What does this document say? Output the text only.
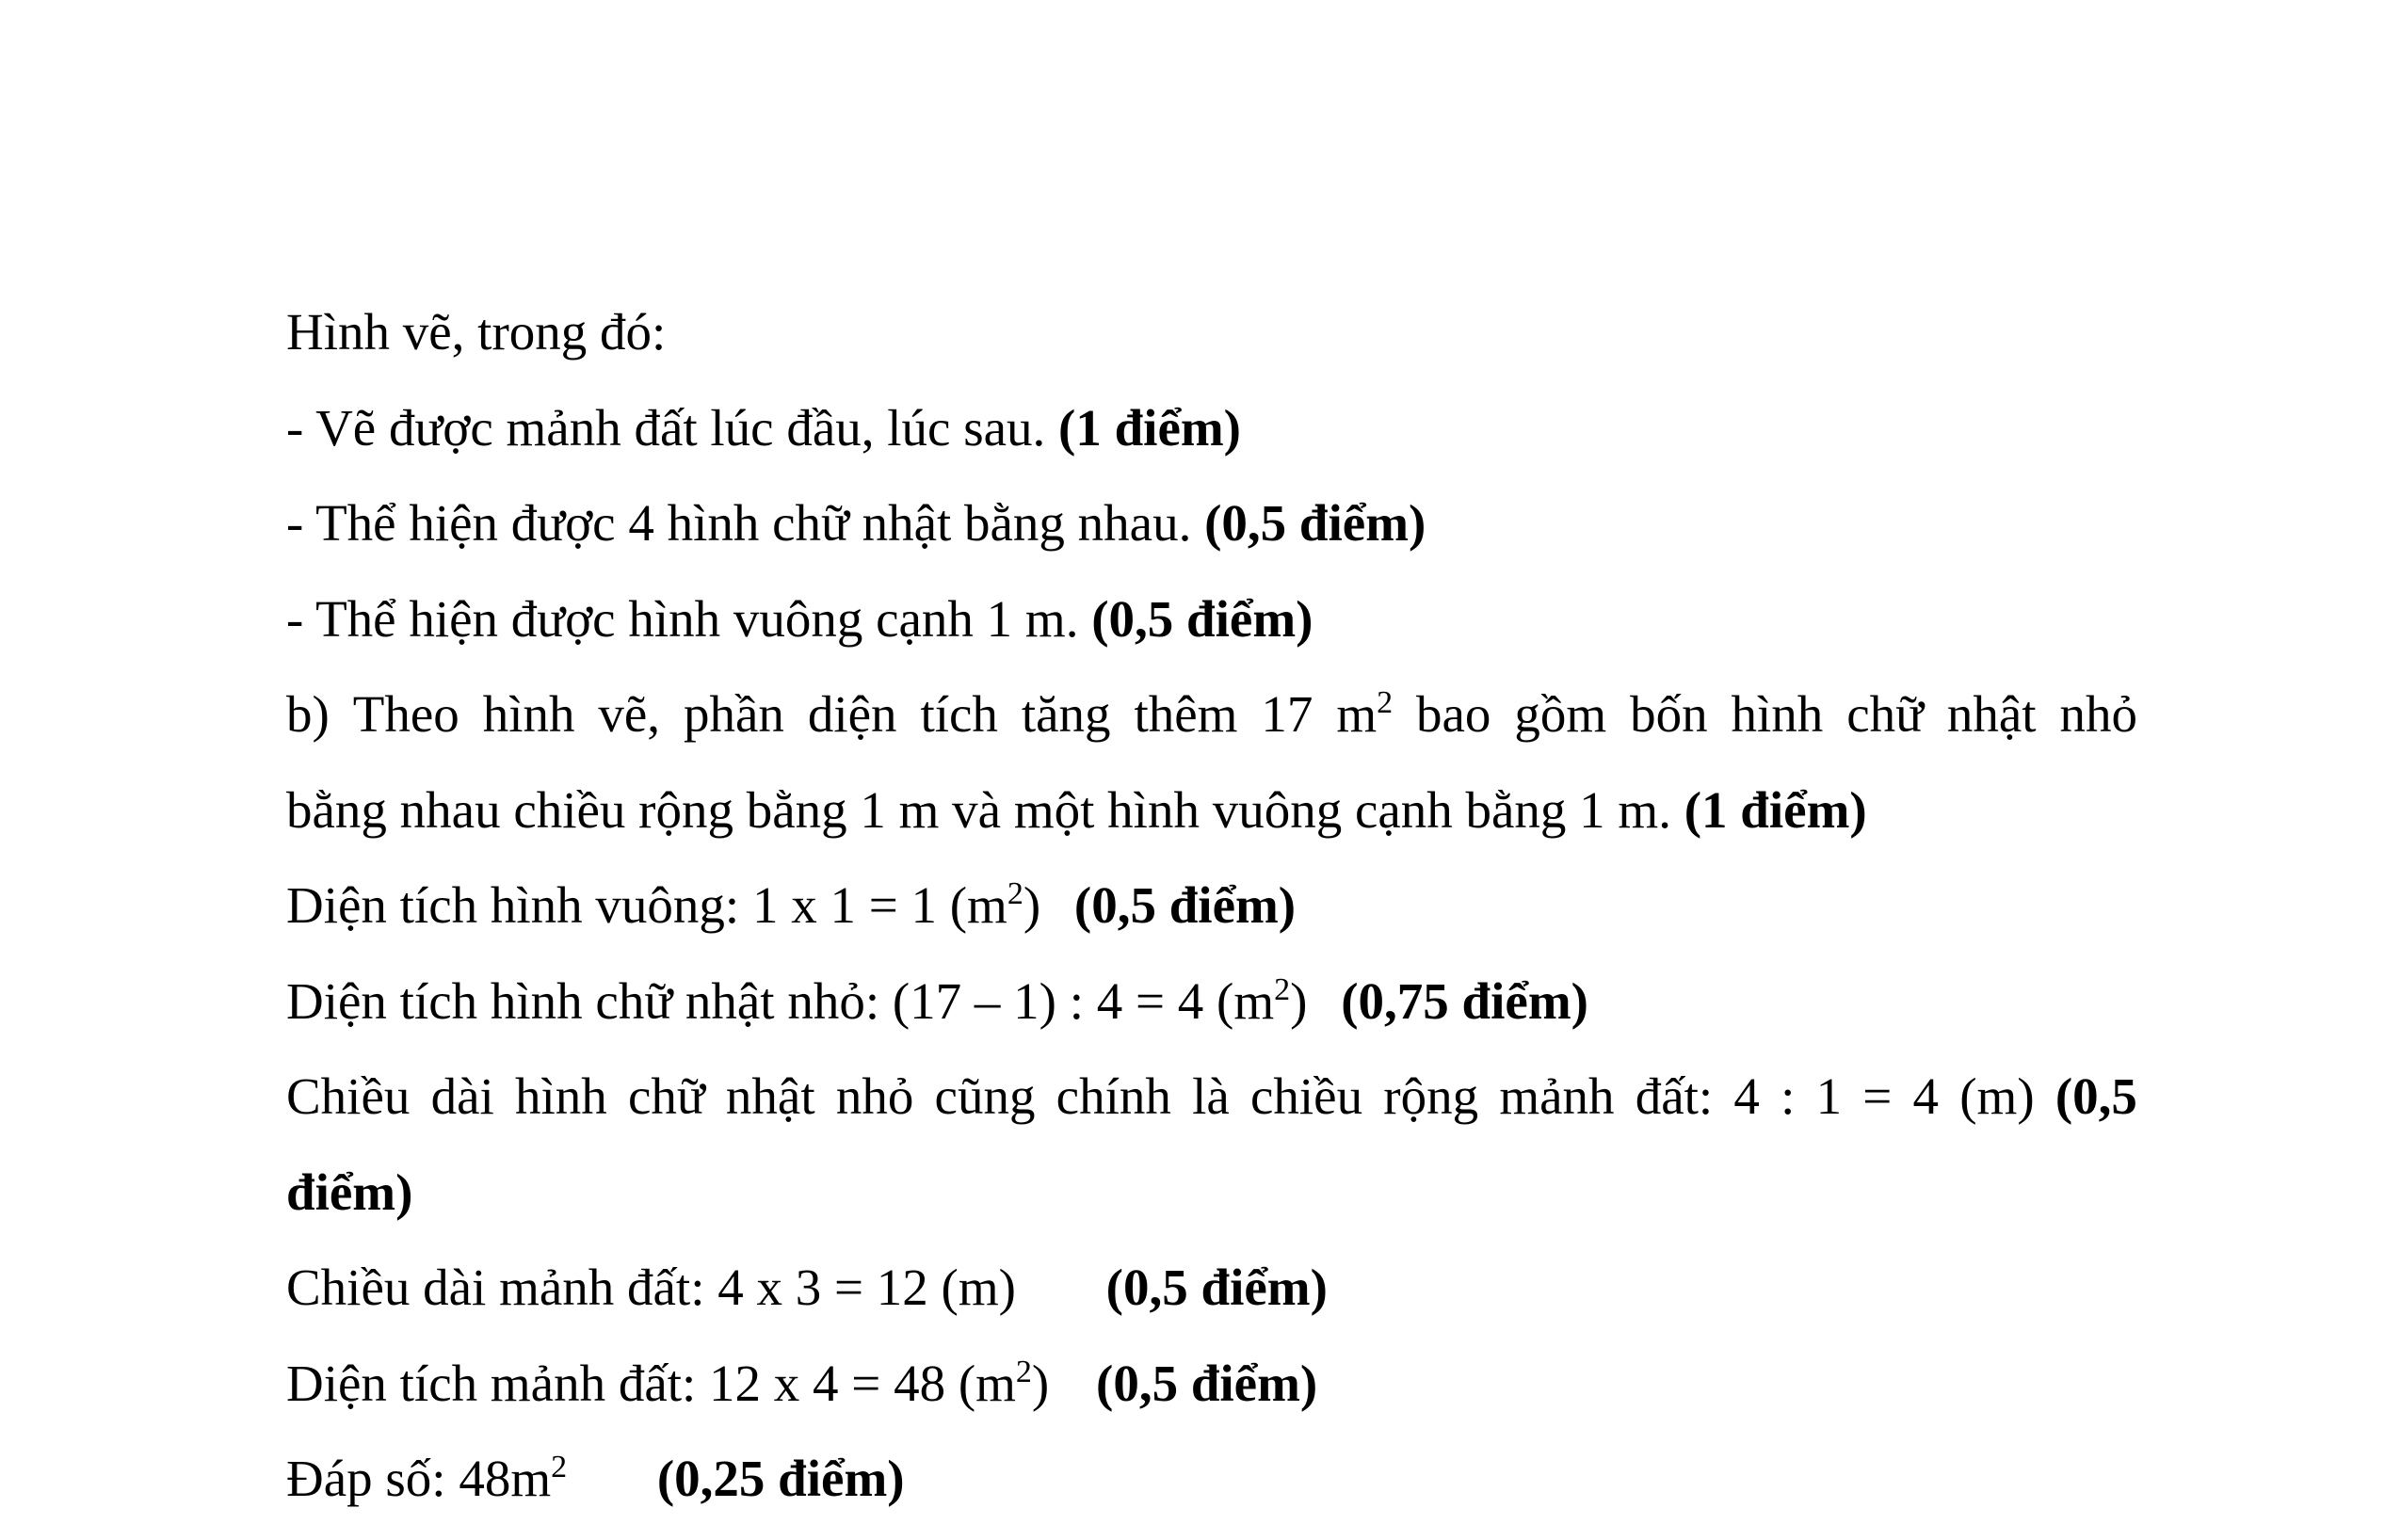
Hình vẽ, trong đó:
- Vẽ được mảnh đất lúc đầu, lúc sau. (1 điểm)
- Thể hiện được 4 hình chữ nhật bằng nhau. (0,5 điểm)
- Thể hiện được hình vuông cạnh 1 m. (0,5 điểm)
b) Theo hình vẽ, phần diện tích tăng thêm 17 $m^2$ bao gồm bốn hình chữ nhật nhỏ
bằng nhau chiều rộng bằng 1 m và một hình vuông cạnh bằng 1 m. (1 điểm)
Diện tích hình vuông: 1 x 1 = 1 $(m^2)$ (0,5 điểm)
Diện tích hình chữ nhật nhỏ: (17 – 1) : 4 = 4 $(m^2)$ (0,75 điểm)
Chiều dài hình chữ nhật nhỏ cũng chính là chiều rộng mảnh đất: 4 : 1 = 4 (m) (0,5
điểm)
Chiều dài mảnh đất: 4 x 3 = 12 (m) (0,5 điểm)
Diện tích mảnh đất: 12 x 4 = 48 $(m^2)$ (0,5 điểm)
Đáp số: $48m^2$ (0,25 điểm)
